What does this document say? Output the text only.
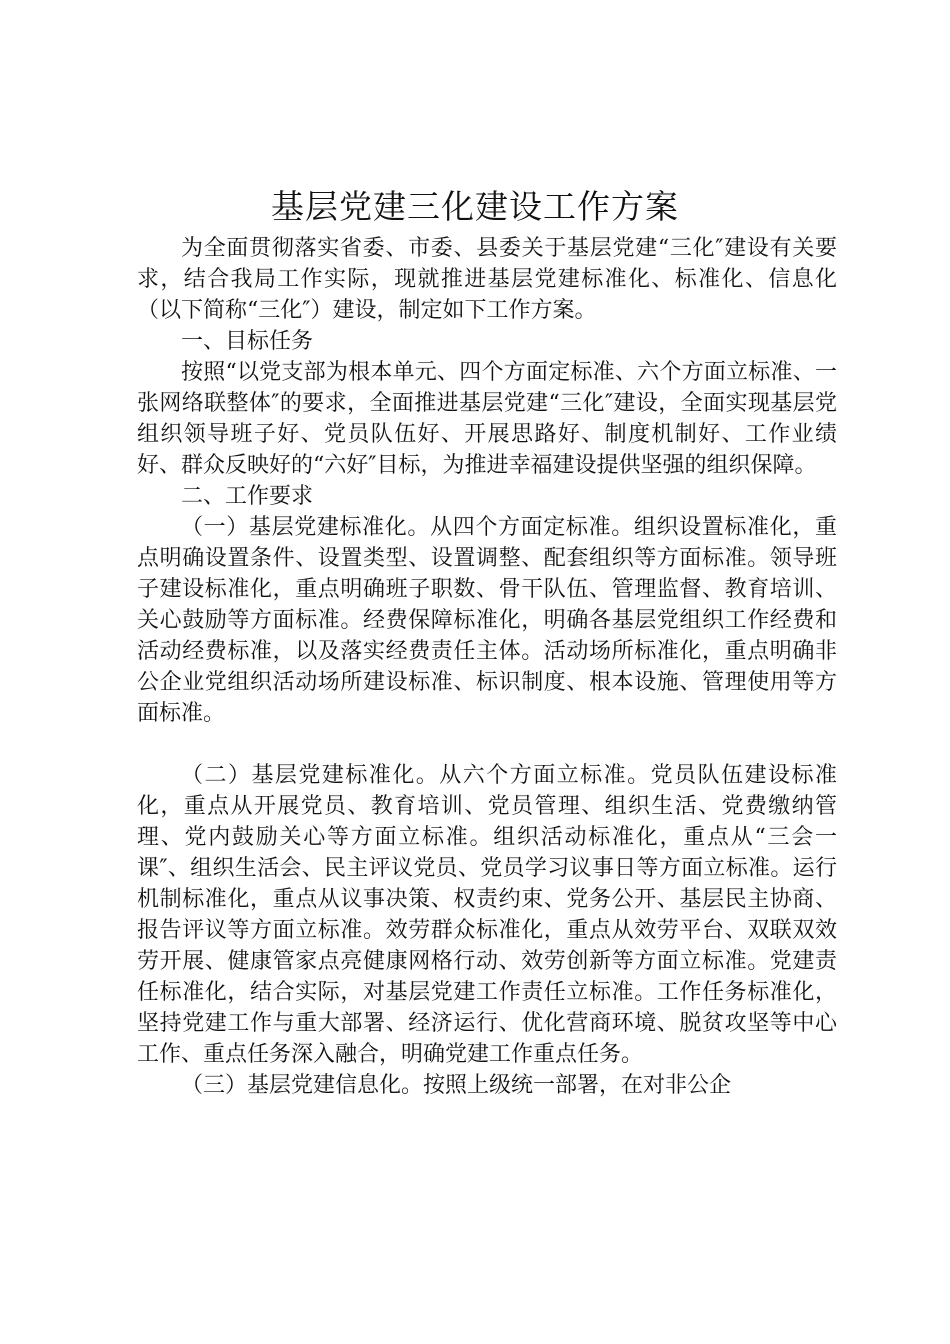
基层党建三化建设工作方案

为全面贯彻落实省委、市委、县委关于基层党建“三化″建设有关要求，结合我局工作实际，现就推进基层党建标准化、标准化、信息化（以下简称“三化″）建设，制定如下工作方案。

一、目标任务

按照“以党支部为根本单元、四个方面定标准、六个方面立标准、一张网络联整体″的要求，全面推进基层党建“三化″建设，全面实现基层党组织领导班子好、党员队伍好、开展思路好、制度机制好、工作业绩好、群众反映好的“六好″目标，为推进幸福建设提供坚强的组织保障。

二、工作要求

（一）基层党建标准化。从四个方面定标准。组织设置标准化，重点明确设置条件、设置类型、设置调整、配套组织等方面标准。领导班子建设标准化，重点明确班子职数、骨干队伍、管理监督、教育培训、关心鼓励等方面标准。经费保障标准化，明确各基层党组织工作经费和活动经费标准，以及落实经费责任主体。活动场所标准化，重点明确非公企业党组织活动场所建设标准、标识制度、根本设施、管理使用等方面标准。

（二）基层党建标准化。从六个方面立标准。党员队伍建设标准化，重点从开展党员、教育培训、党员管理、组织生活、党费缴纳管理、党内鼓励关心等方面立标准。组织活动标准化，重点从“三会一课″、组织生活会、民主评议党员、党员学习议事日等方面立标准。运行机制标准化，重点从议事决策、权责约束、党务公开、基层民主协商、报告评议等方面立标准。效劳群众标准化，重点从效劳平台、双联双效劳开展、健康管家点亮健康网格行动、效劳创新等方面立标准。党建责任标准化，结合实际，对基层党建工作责任立标准。工作任务标准化，坚持党建工作与重大部署、经济运行、优化营商环境、脱贫攻坚等中心工作、重点任务深入融合，明确党建工作重点任务。

（三）基层党建信息化。按照上级统一部署，在对非公企
